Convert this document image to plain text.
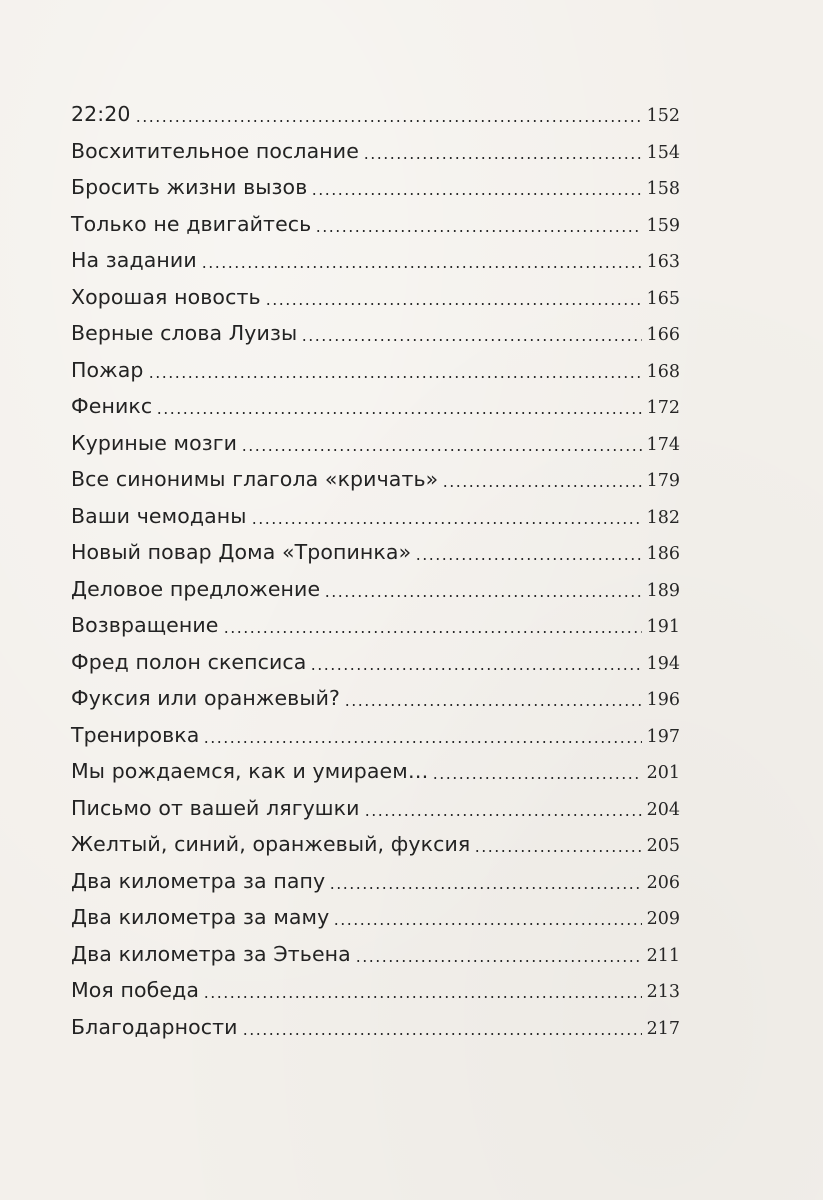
22:20	152
Восхитительное послание	154
Бросить жизни вызов	158
Только не двигайтесь	159
На задании	163
Хорошая новость	165
Верные слова Луизы	166
Пожар	168
Феникс	172
Куриные мозги	174
Все синонимы глагола «кричать»	179
Ваши чемоданы	182
Новый повар Дома «Тропинка»	186
Деловое предложение	189
Возвращение	191
Фред полон скепсиса	194
Фуксия или оранжевый?	196
Тренировка	197
Мы рождаемся, как и умираем…	201
Письмо от вашей лягушки	204
Желтый, синий, оранжевый, фуксия	205
Два километра за папу	206
Два километра за маму	209
Два километра за Этьена	211
Моя победа	213
Благодарности	217
